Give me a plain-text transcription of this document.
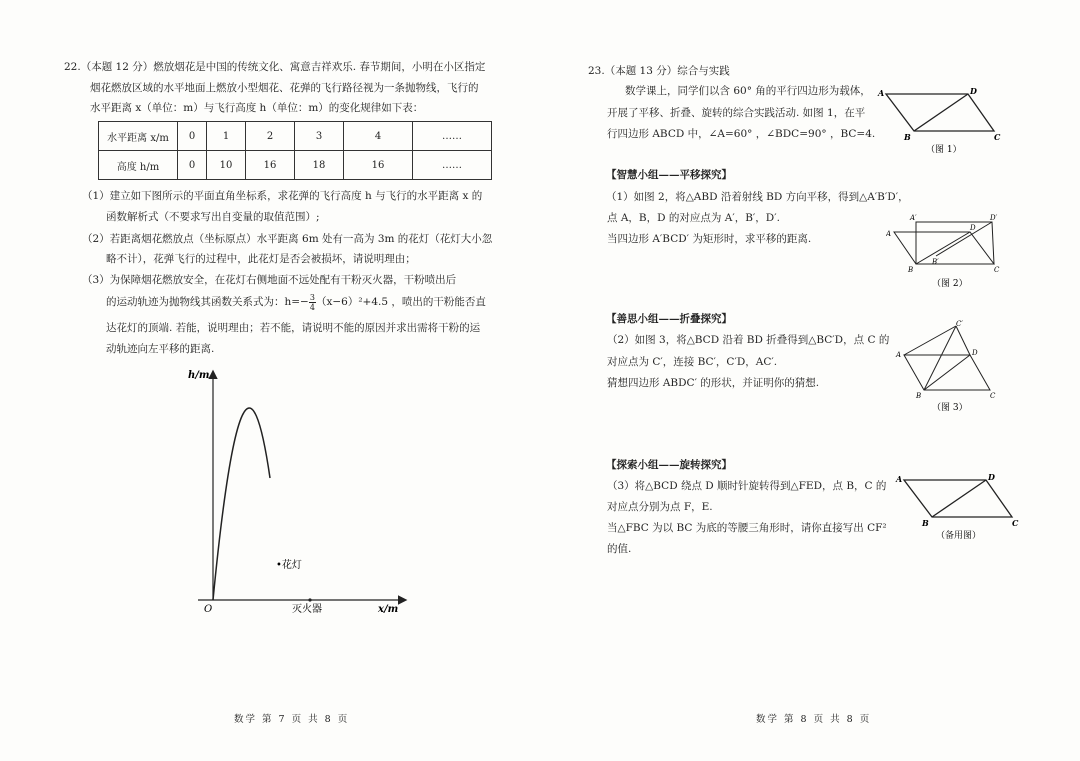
22.（本题 12 分）燃放烟花是中国的传统文化、寓意吉祥欢乐. 春节期间，小明在小区指定
烟花燃放区域的水平地面上燃放小型烟花、花弹的飞行路径视为一条抛物线，飞行的
水平距离 x（单位：m）与飞行高度 h（单位：m）的变化规律如下表：
水平距离 x/m	0	1	2	3	4	……
高度 h/m	0	10	16	18	16	……
（1）建立如下图所示的平面直角坐标系，求花弹的飞行高度 h 与飞行的水平距离 x 的
函数解析式（不要求写出自变量的取值范围）;
（2）若距离烟花燃放点（坐标原点）水平距离 6m 处有一高为 3m 的花灯（花灯大小忽
略不计），花弹飞行的过程中，此花灯是否会被损坏，请说明理由；
（3）为保障烟花燃放安全，在花灯右侧地面不远处配有干粉灭火器，干粉喷出后
的运动轨迹为抛物线其函数关系式为：$h=- \frac{3}{4} (x-6)^2+4.5$ ，喷出的干粉能否直
达花灯的顶端. 若能，说明理由；若不能，请说明不能的原因并求出需将干粉的运
动轨迹向左平移的距离.
h/m
x/m
O
•花灯
灭火器
数学 第 7 页 共 8 页
23.（本题 13 分）综合与实践
数学课上，同学们以含 60° 角的平行四边形为载体，
开展了平移、折叠、旋转的综合实践活动. 如图 1，在平
行四边形 ABCD 中，∠A=60° ，∠BDC=90° ，BC=4.
A	D
B	C
（图 1）
【智慧小组——平移探究】
（1）如图 2，将△ABD 沿着射线 BD 方向平移，得到△A′B′D′，
点 A，B，D 的对应点为 A′，B′，D′.
当四边形 A′BCD′ 为矩形时，求平移的距离.	A
A′	D′
D
B
B′
C
（图 2）
【善思小组——折叠探究】
（2）如图 3，将△BCD 沿着 BD 折叠得到△BC′D，点 C 的
对应点为 C′，连接 BC′，C′D，AC′.
猜想四边形 ABDC′ 的形状，并证明你的猜想.
A
C′
D
B	C
（图 3）
【探索小组——旋转探究】
（3）将△BCD 绕点 D 顺时针旋转得到△FED，点 B，C 的
对应点分别为点 F，E.
当△FBC 为以 BC 为底的等腰三角形时，请你直接写出 CF²
的值.
A	D
B	C
（备用图）
数学 第 8 页 共 8 页
